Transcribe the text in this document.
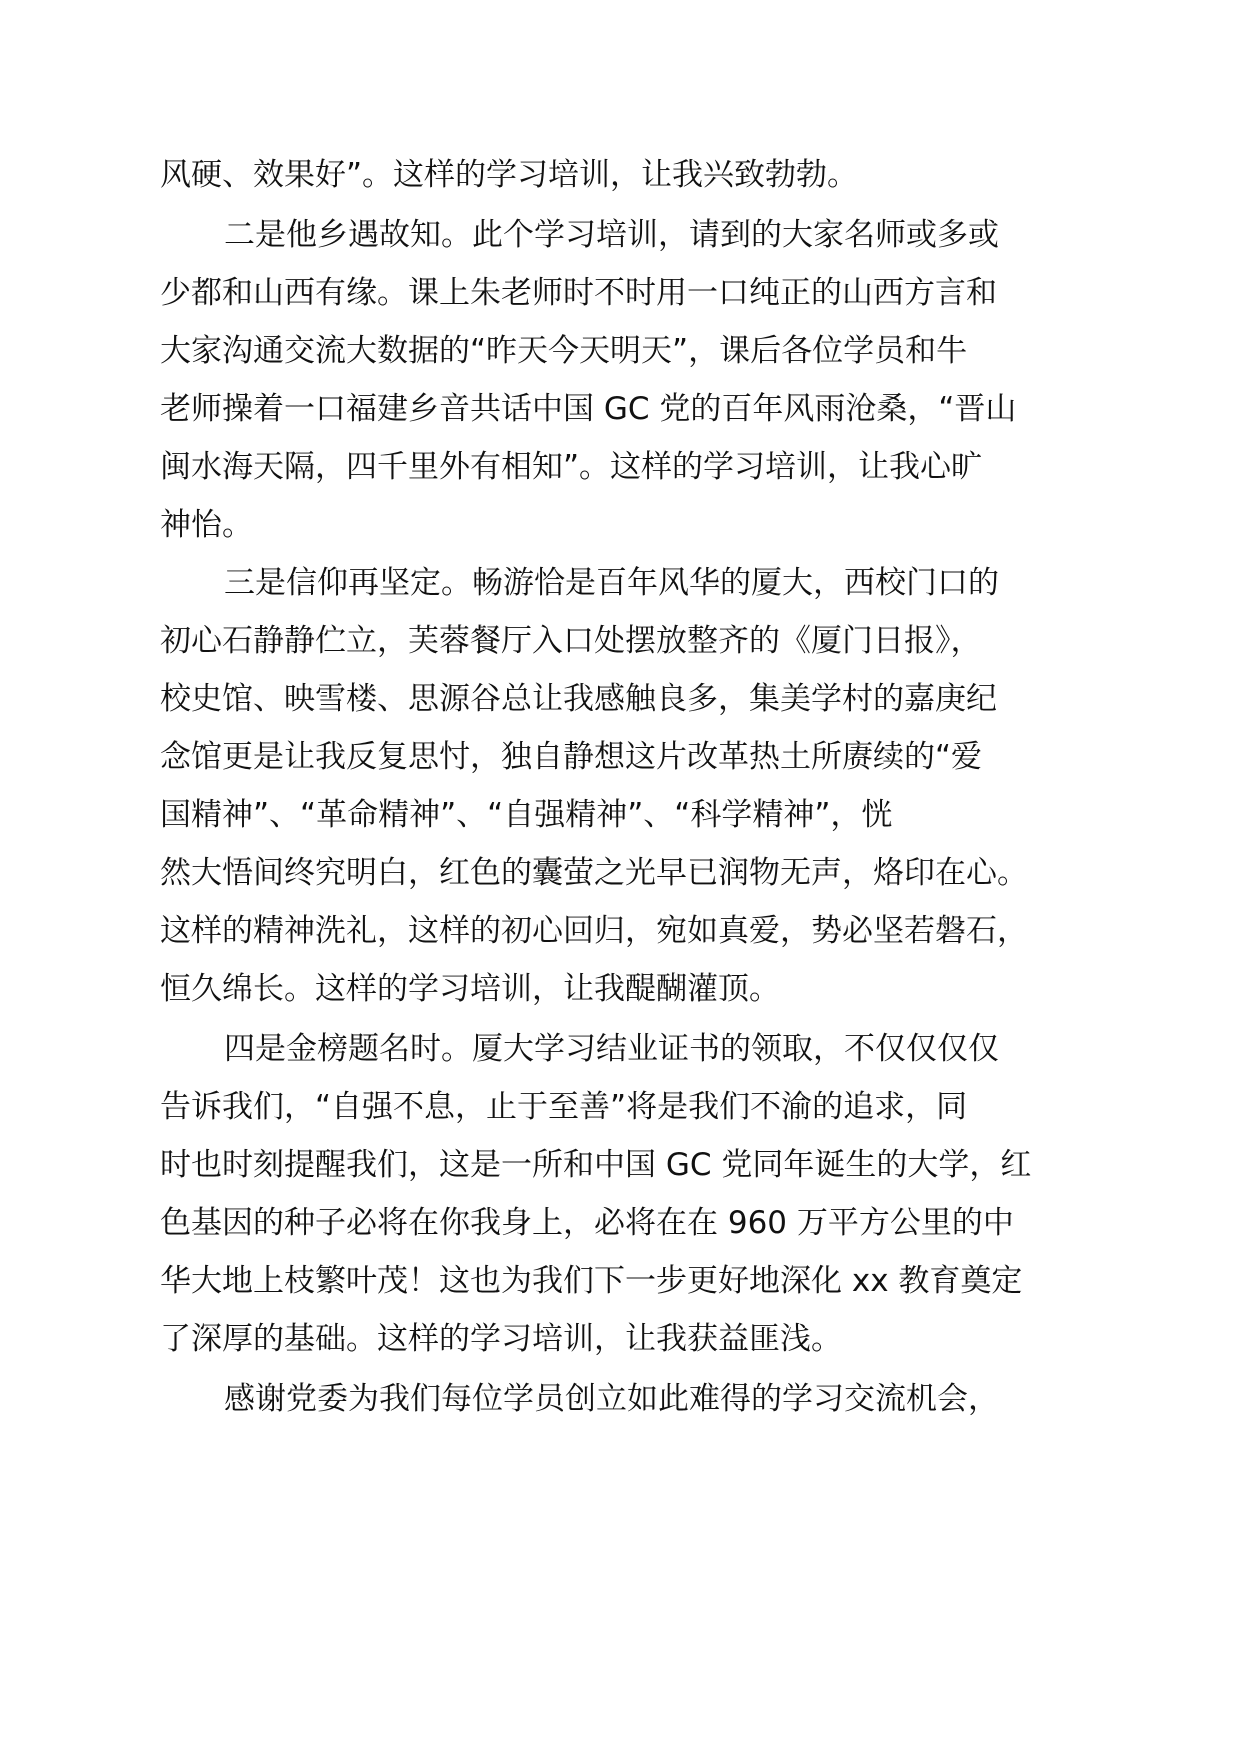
风硬、效果好”。这样的学习培训，让我兴致勃勃。
二是他乡遇故知。此个学习培训，请到的大家名师或多或
少都和山西有缘。课上朱老师时不时用一口纯正的山西方言和
大家沟通交流大数据的“昨天今天明天”，课后各位学员和牛
老师操着一口福建乡音共话中国 GC 党的百年风雨沧桑，“晋山
闽水海天隔，四千里外有相知”。这样的学习培训，让我心旷
神怡。
三是信仰再坚定。畅游恰是百年风华的厦大，西校门口的
初心石静静伫立，芙蓉餐厅入口处摆放整齐的《厦门日报》，
校史馆、映雪楼、思源谷总让我感触良多，集美学村的嘉庚纪
念馆更是让我反复思忖，独自静想这片改革热土所赓续的“爱
国精神”、“革命精神”、“自强精神”、“科学精神”，恍
然大悟间终究明白，红色的囊萤之光早已润物无声，烙印在心。
这样的精神洗礼，这样的初心回归，宛如真爱，势必坚若磐石，
恒久绵长。这样的学习培训，让我醍醐灌顶。
四是金榜题名时。厦大学习结业证书的领取，不仅仅仅仅
告诉我们，“自强不息，止于至善”将是我们不渝的追求，同
时也时刻提醒我们，这是一所和中国 GC 党同年诞生的大学，红
色基因的种子必将在你我身上，必将在在 960 万平方公里的中
华大地上枝繁叶茂！这也为我们下一步更好地深化 xx 教育奠定
了深厚的基础。这样的学习培训，让我获益匪浅。
感谢党委为我们每位学员创立如此难得的学习交流机会，
